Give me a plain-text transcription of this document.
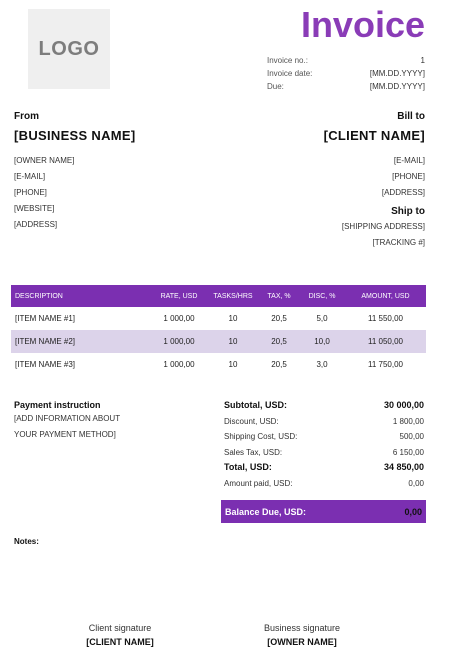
LOGO
Invoice
Invoice no.:	1
Invoice date:	[MM.DD.YYYY]
Due:	[MM.DD.YYYY]
From
[BUSINESS NAME]
[OWNER NAME]
[E-MAIL]
[PHONE]
[WEBSITE]
[ADDRESS]
Bill to
[CLIENT NAME]
[E-MAIL]
[PHONE]
[ADDRESS]
Ship to
[SHIPPING ADDRESS]
[TRACKING #]
DESCRIPTION	RATE, USD	TASKS/HRS	TAX, %	DISC, %	AMOUNT, USD
[ITEM NAME #1]	1 000,00	10	20,5	5,0	11 550,00
[ITEM NAME #2]	1 000,00	10	20,5	10,0	11 050,00
[ITEM NAME #3]	1 000,00	10	20,5	3,0	11 750,00
Payment instruction
[ADD INFORMATION ABOUT
YOUR PAYMENT METHOD]
Subtotal, USD:	30 000,00
Discount, USD:	1 800,00
Shipping Cost, USD:	500,00
Sales Tax, USD:	6 150,00
Total, USD:	34 850,00
Amount paid, USD:	0,00
Balance Due, USD:	0,00
Notes:
Client signature
[CLIENT NAME]
Business signature
[OWNER NAME]
